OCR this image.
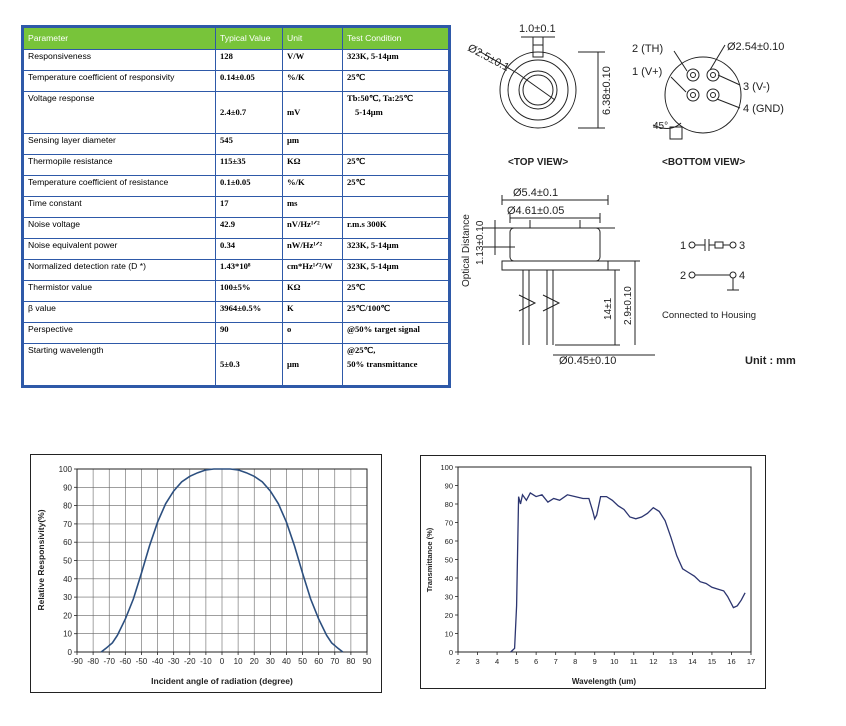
Parameter	Typical Value	Unit	Test Condition
Responsiveness	128	V/W	323K, 5-14μm
Temperature coefficient of responsivity	0.14±0.05	%/K	25℃
Voltage response	2.4±0.7	mV	Tb:50℃, Ta:25℃
5-14μm
Sensing layer diameter	545	μm	
Thermopile resistance	115±35	KΩ	25℃
Temperature coefficient of resistance	0.1±0.05	%/K	25℃
Time constant	17	ms	
Noise voltage	42.9	nV/Hz¹ᐟ²	r.m.s 300K
Noise equivalent power	0.34	nW/Hz¹ᐟ²	323K, 5-14μm
Normalized detection rate (D *)	1.43*10⁸	cm*Hz¹ᐟ²/W	323K, 5-14μm
Thermistor value	100±5%	KΩ	25℃
β value	3964±0.5%	K	25℃/100℃
Perspective	90	o	@50% target signal
Starting wavelength	5±0.3	μm	@25℃,
50% transmittance
1.0±0.1
Ø2.5±0.1
6.38±0.10
<TOP VIEW>
Ø2.54±0.10
2 (TH)
1 (V+)
3 (V-)
4 (GND)
45°
<BOTTOM VIEW>
Ø5.4±0.1
Ø4.61±0.05
Optical Distance 1.13±0.10
14±1 2.9±0.10
Ø0.45±0.10
1	3
2	4
Connected to Housing
Unit : mm
-90 -80 -70 -60 -50 -40 -30 -20 -10 0 10 20 30 40 50 60 70 80 90
0
10
20
30
40
50
60
70
80
90
100
Incident angle of radiation (degree)
Relative Responsivity(%)
2 3 4 5 6 7 8 9 10 11 12 13 14 15 16 17
0
10
20
30
40
50
60
70
80
90
100
Wavelength (um)
Transmittance (%)
